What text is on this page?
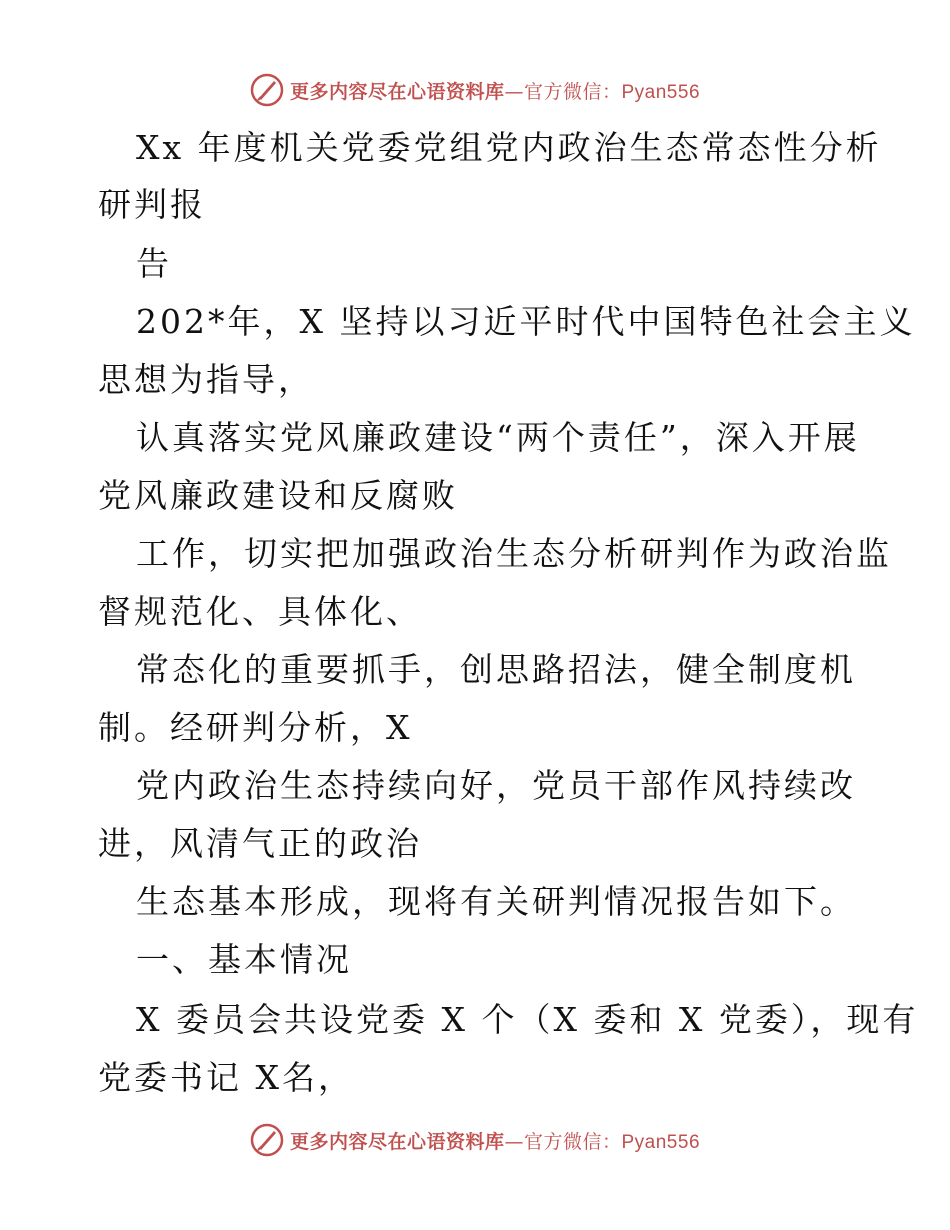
更多内容尽在心语资料库—官方微信：Pyan556
Xx 年度机关党委党组党内政治生态常态性分析
研判报
告
202*年，X 坚持以习近平时代中国特色社会主义
思想为指导，
认真落实党风廉政建设“两个责任”，深入开展
党风廉政建设和反腐败
工作，切实把加强政治生态分析研判作为政治监
督规范化、具体化、
常态化的重要抓手，创思路招法，健全制度机
制。经研判分析，X
党内政治生态持续向好，党员干部作风持续改
进，风清气正的政治
生态基本形成，现将有关研判情况报告如下。
一、基本情况
X 委员会共设党委 X 个（X 委和 X 党委），现有
党委书记 X名，
更多内容尽在心语资料库—官方微信：Pyan556
